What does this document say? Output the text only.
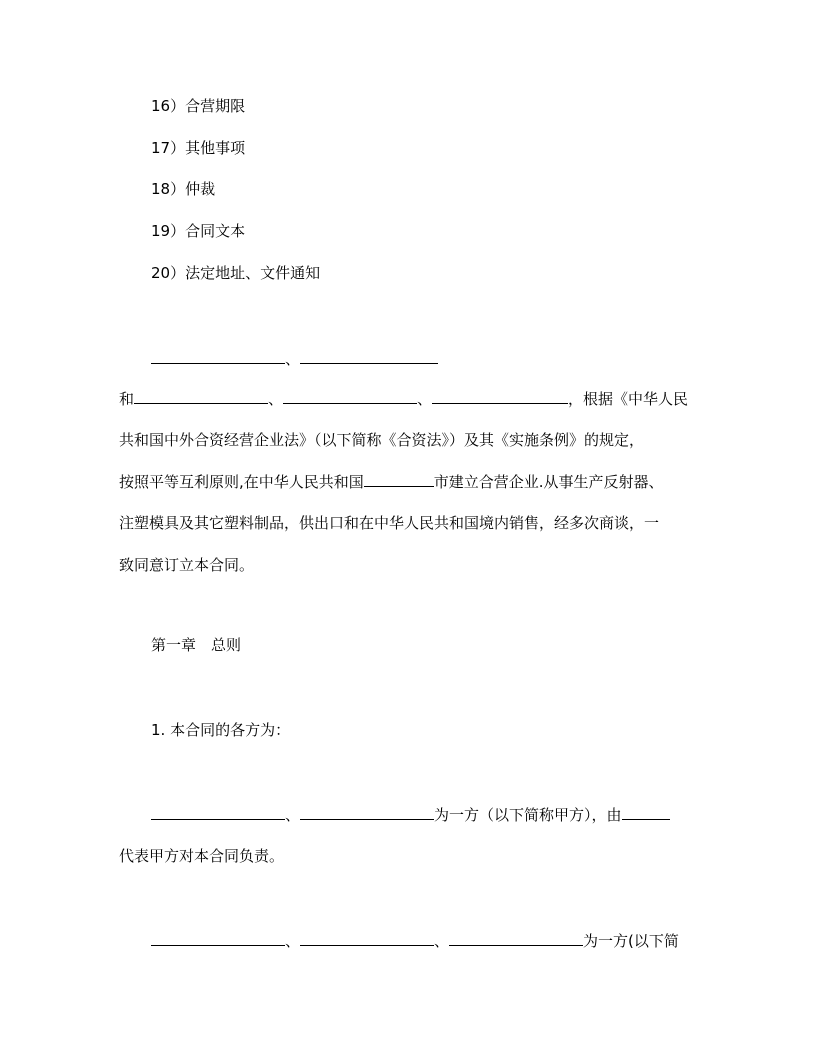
16）合营期限
17）其他事项
18）仲裁
19）合同文本
20）法定地址、文件通知
、
和	、	、	，根据《中华人民
共和国中外合资经营企业法》（以下简称《合资法》）及其《实施条例》的规定，
按照平等互利原则,在中华人民共和国	市建立合营企业.从事生产反射器、
注塑模具及其它塑料制品，供出口和在中华人民共和国境内销售，经多次商谈，一
致同意订立本合同。
第一章　总则
1. 本合同的各方为：
、	为一方（以下简称甲方），由
代表甲方对本合同负责。
、	、	为一方(以下简
